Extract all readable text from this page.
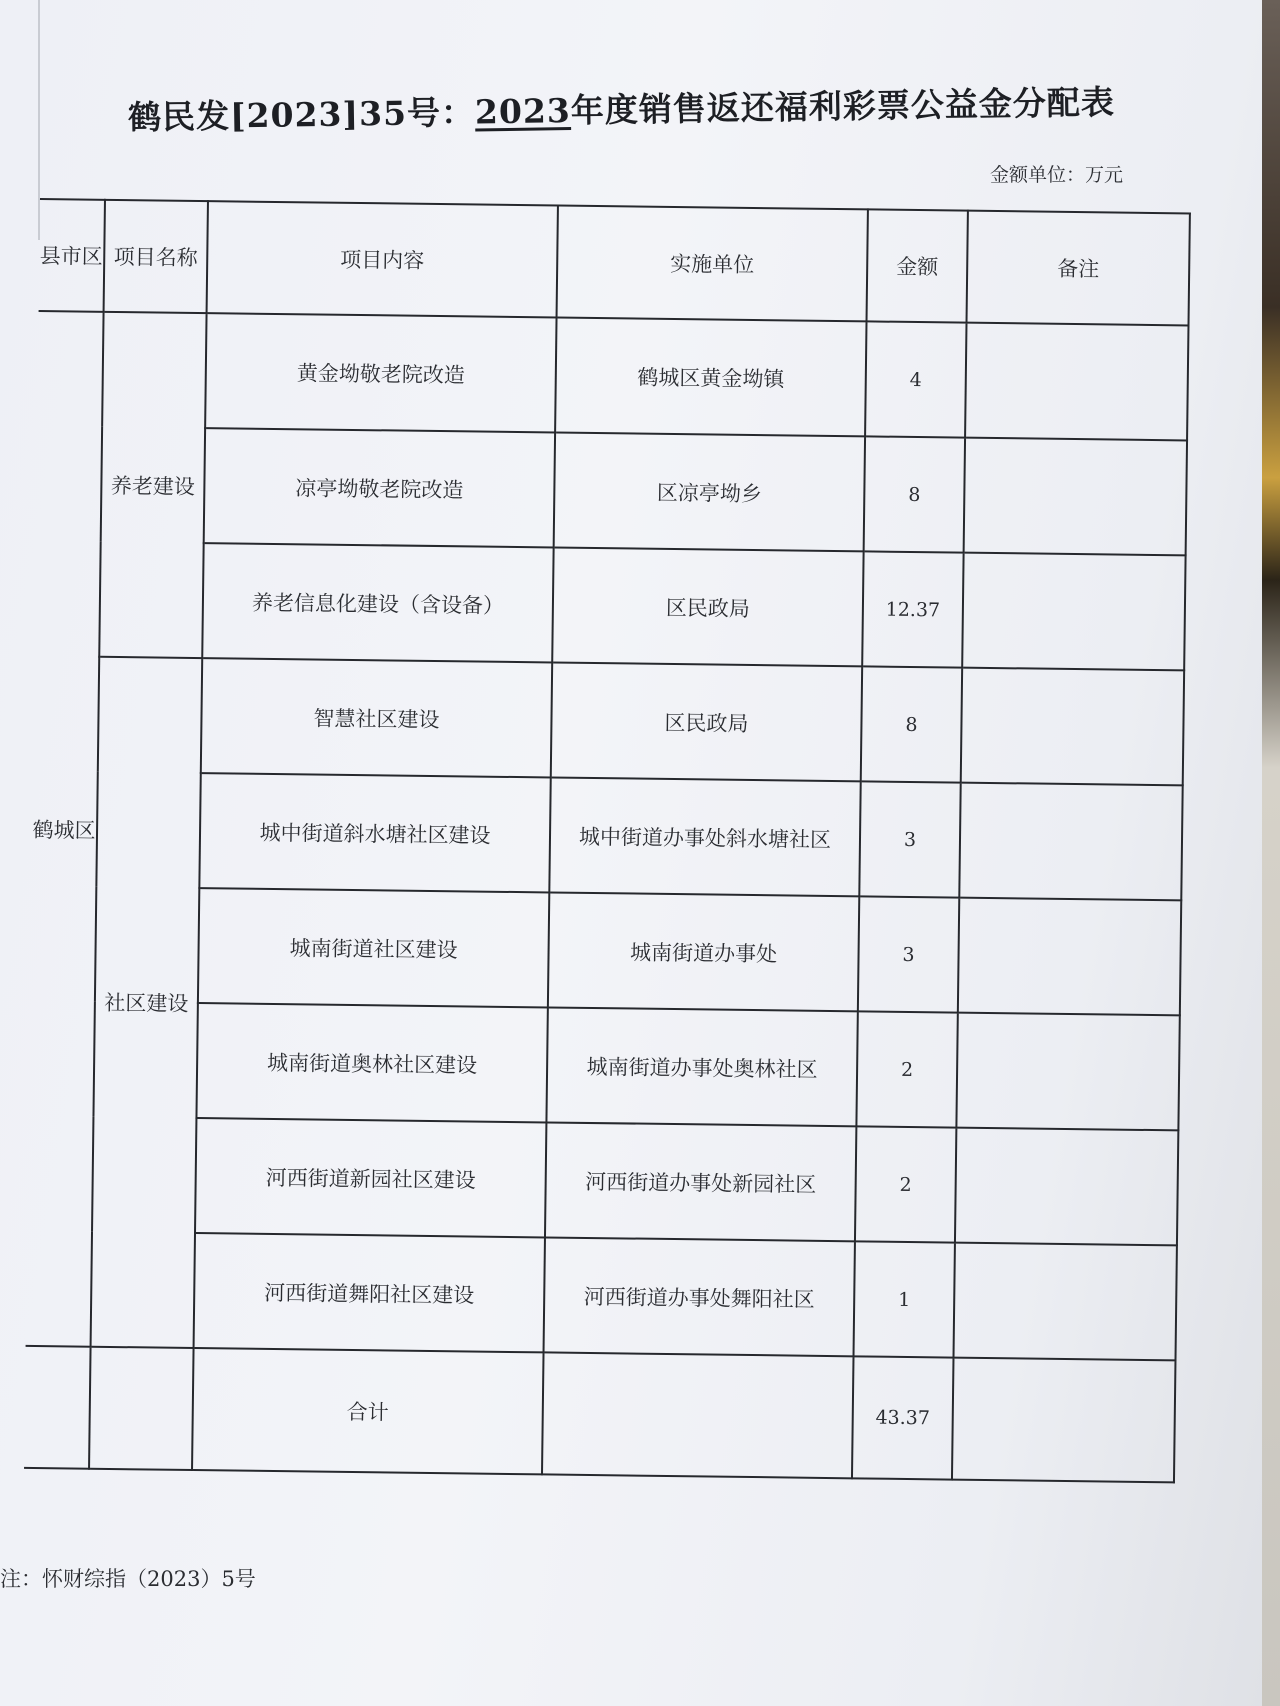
鹤民发[2023]35号：2023年度销售返还福利彩票公益金分配表
金额单位：万元
县市区	项目名称	项目内容	实施单位	金额	备注
鹤城区	养老建设	黄金坳敬老院改造	鹤城区黄金坳镇	4	
		凉亭坳敬老院改造	区凉亭坳乡	8	
		养老信息化建设（含设备）	区民政局	12.37	
	社区建设	智慧社区建设	区民政局	8	
		城中街道斜水塘社区建设	城中街道办事处斜水塘社区	3	
		城南街道社区建设	城南街道办事处	3	
		城南街道奥林社区建设	城南街道办事处奥林社区	2	
		河西街道新园社区建设	河西街道办事处新园社区	2	
		河西街道舞阳社区建设	河西街道办事处舞阳社区	1	
		合计		43.37	
注：怀财综指（2023）5号
